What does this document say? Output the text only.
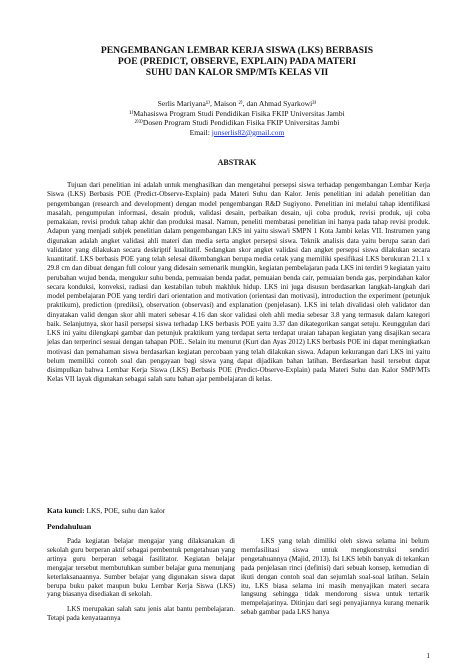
PENGEMBANGAN LEMBAR KERJA SISWA (LKS) BERBASIS
POE (PREDICT, OBSERVE, EXPLAIN) PADA MATERI
SUHU DAN KALOR SMP/MTs KELAS VII
Serlis Mariyana¹⁾, Maison ²⁾, dan Ahmad Syarkowi³⁾
¹⁾Mahasiswa Program Studi Pendidikan Fisika FKIP Universitas Jambi
²⁾³⁾Dosen Program Studi Pendidikan Fisika FKIP Universitas Jambi
Email: junserlis82@gmail.com
ABSTRAK

Tujuan dari penelitian ini adalah untuk menghasilkan dan mengetahui persepsi siswa terhadap pengembangan Lembar Kerja Siswa (LKS) Berbasis POE (Predict-Observe-Explain) pada Materi Suhu dan Kalor. Jenis penelitian ini adalah penelitian dan pengembangan (research and development) dengan model pengembangan R&D Sugiyono. Penelitian ini melalui tahap identifikasi masalah, pengumpulan informasi, desain produk, validasi desain, perbaikan desain, uji coba produk, revisi produk, uji coba pemakaian, revisi produk tahap akhir dan produksi masal. Namun, peneliti membatasi penelitian ini hanya pada tahap revisi produk. Adapun yang menjadi subjek penelitian dalam pengembangan LKS ini yaitu siswa/i SMPN 1 Kota Jambi kelas VII. Instrumen yang digunakan adalah angket validasi ahli materi dan media serta angket persepsi siswa. Teknik analisis data yaitu berupa saran dari validator yang dilakukan secara deskriptif kualitatif. Sedangkan skor angket validasi dan angket persepsi siswa dilakukan secara kuantitatif. LKS berbasis POE yang telah selesai dikembangkan berupa media cetak yang memiliki spesifikasi LKS berukuran 21.1 x 29.8 cm dan dibuat dengan full colour yang didesain semenarik mungkin, kegiatan pembelajaran pada LKS ini terdiri 9 kegiatan yaitu perubahan wujud benda, mengukur suhu benda, pemuaian benda padat, pemuaian benda cair, pemuaian benda gas, perpindahan kalor secara konduksi, konveksi, radiasi dan kestabilan tubuh makhluk hidup. LKS ini juga disusun berdasarkan langkah-langkah dari model pembelajaran POE yang terdiri dari orientation and motivation (orientasi dan motivasi), introduction the experiment (petunjuk praktikum), prediction (prediksi), observation (observasi) and explanation (penjelasan). LKS ini telah divalidasi oleh validator dan dinyatakan valid dengan skor ahli materi sebesar 4.16 dan skor validasi oleh ahli media sebesar 3.8 yang termasuk dalam kategori baik. Selanjutnya, skor hasil persepsi siswa terhadap LKS berbasis POE yaitu 3.37 dan dikategorikan sangat setuju. Keunggulan dari LKS ini yaitu dilengkapi gambar dan petunjuk praktikum yang terdapat serta terdapat uraian tahapan kegiatan yang disajikan secara jelas dan terperinci sesuai dengan tahapan POE.. Selain itu menurut (Kurt dan Ayas 2012) LKS berbasis POE ini dapat meningkatkan motivasi dan pemahaman siswa berdasarkan kegiatan percobaan yang telah dilakukan siswa. Adapun kekurangan dari LKS ini yaitu belum memiliki contoh soal dan pengayaan bagi siswa yang dapat dijadikan bahan latihan. Berdasarkan hasil tersebut dapat disimpulkan bahwa Lembar Kerja Siswa (LKS) Berbasis POE (Predict-Observe-Explain) pada Materi Suhu dan Kalor SMP/MTs Kelas VII layak digunakan sebagai salah satu bahan ajar pembelajaran di kelas.

Kata kunci: LKS, POE, suhu dan kalor
Pendahuluan

Pada kegiatan belajar mengajar yang dilaksanakan di sekolah guru berperan aktif sebagai pembentuk pengetahuan yang artinya guru berperan sebagai fasilitator. Kegiatan belajar mengajar tersebut membutuhkan sumber belajar guna menunjang keterlaksanaannya. Sumber belajar yang digunakan siswa dapat berupa buku paket maupun buku Lembar Kerja Siswa (LKS) yang biasanya disediakan di sekolah.

LKS merupakan salah satu jenis alat bantu pembelajaran. Tetapi pada kenyataannya

LKS yang telah dimiliki oleh siswa selama ini belum memfasilitasi siswa untuk mengkonstruksi sendiri pengetahuannya (Majid, 2013). Isi LKS lebih banyak di tekankan pada penjelasan rinci (definisi) dari sebuah konsep, kemudian di ikuti dengan contoh soal dan sejumlah soal-soal latihan. Selain itu, LKS biasa selama ini masih menyajikan materi secara langsung sehingga tidak mendorong siswa untuk tertarik mempelajarinya. Ditinjau dari segi penyajiannya kurang menarik sebab gambar pada LKS hanya

1
